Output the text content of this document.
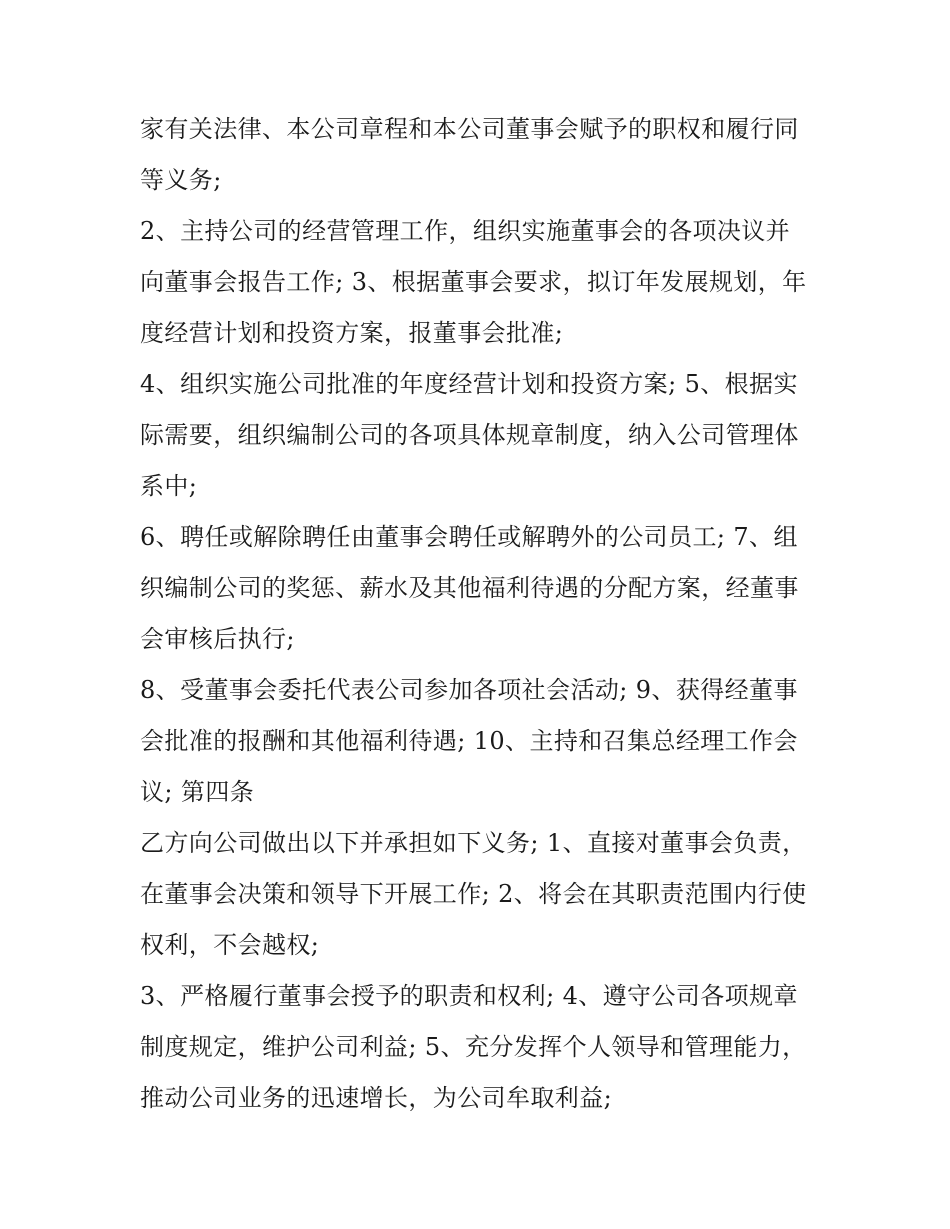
家有关法律、本公司章程和本公司董事会赋予的职权和履行同
等义务;

2、主持公司的经营管理工作，组织实施董事会的各项决议并
向董事会报告工作; 3、根据董事会要求，拟订年发展规划，年
度经营计划和投资方案，报董事会批准;

4、组织实施公司批准的年度经营计划和投资方案; 5、根据实
际需要，组织编制公司的各项具体规章制度，纳入公司管理体
系中;

6、聘任或解除聘任由董事会聘任或解聘外的公司员工; 7、组
织编制公司的奖惩、薪水及其他福利待遇的分配方案，经董事
会审核后执行;

8、受董事会委托代表公司参加各项社会活动; 9、获得经董事
会批准的报酬和其他福利待遇; 10、主持和召集总经理工作会
议; 第四条

乙方向公司做出以下并承担如下义务; 1、直接对董事会负责，
在董事会决策和领导下开展工作; 2、将会在其职责范围内行使
权利，不会越权;

3、严格履行董事会授予的职责和权利; 4、遵守公司各项规章
制度规定，维护公司利益; 5、充分发挥个人领导和管理能力，
推动公司业务的迅速增长，为公司牟取利益;
